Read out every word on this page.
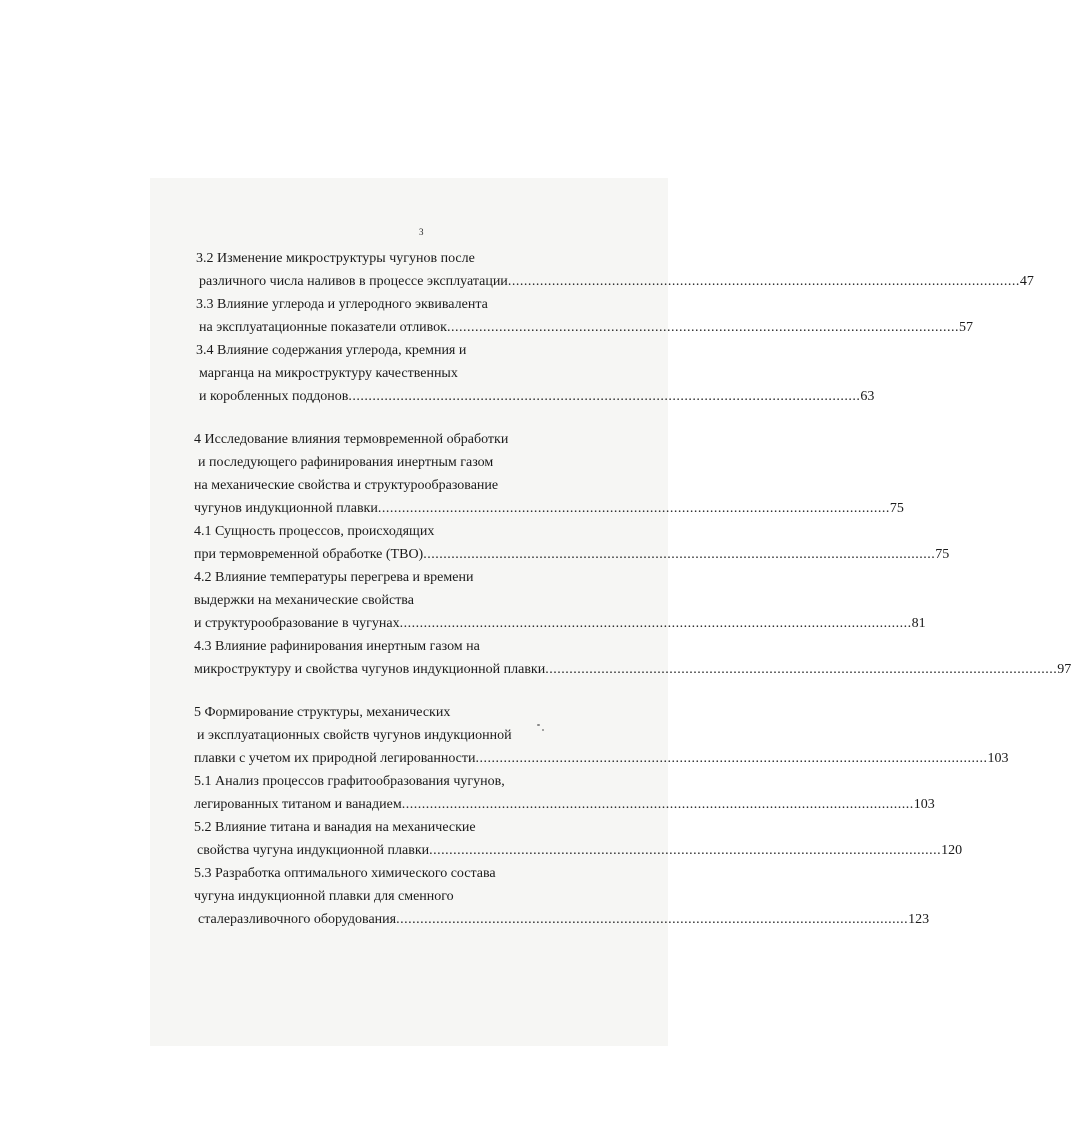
3
3.2 Изменение микроструктуры чугунов после
различного числа наливов в процессе эксплуатации ................................................................................................................................ 47
3.3 Влияние углерода и углеродного эквивалента
на эксплуатационные показатели отливок ................................................................................................................................ 57
3.4 Влияние содержания углерода, кремния и
марганца на микроструктуру качественных
и коробленных поддонов ................................................................................................................................ 63
4 Исследование влияния термовременной обработки
и последующего рафинирования инертным газом
на механические свойства и структурообразование
чугунов индукционной плавки ................................................................................................................................ 75
4.1 Сущность процессов, происходящих
при термовременной обработке (ТВО) ................................................................................................................................ 75
4.2 Влияние температуры перегрева и времени
выдержки на механические свойства
и структурообразование в чугунах ................................................................................................................................ 81
4.3 Влияние рафинирования инертным газом на
микроструктуру и свойства чугунов индукционной плавки ................................................................................................................................ 97
5 Формирование структуры, механических
и эксплуатационных свойств чугунов индукционной
плавки с учетом их природной легированности ................................................................................................................................ 103
5.1 Анализ процессов графитообразования чугунов,
легированных титаном и ванадием ................................................................................................................................ 103
5.2 Влияние титана и ванадия на механические
свойства чугуна индукционной плавки ................................................................................................................................ 120
5.3 Разработка оптимального химического состава
чугуна индукционной плавки для сменного
сталеразливочного оборудования ................................................................................................................................ 123
